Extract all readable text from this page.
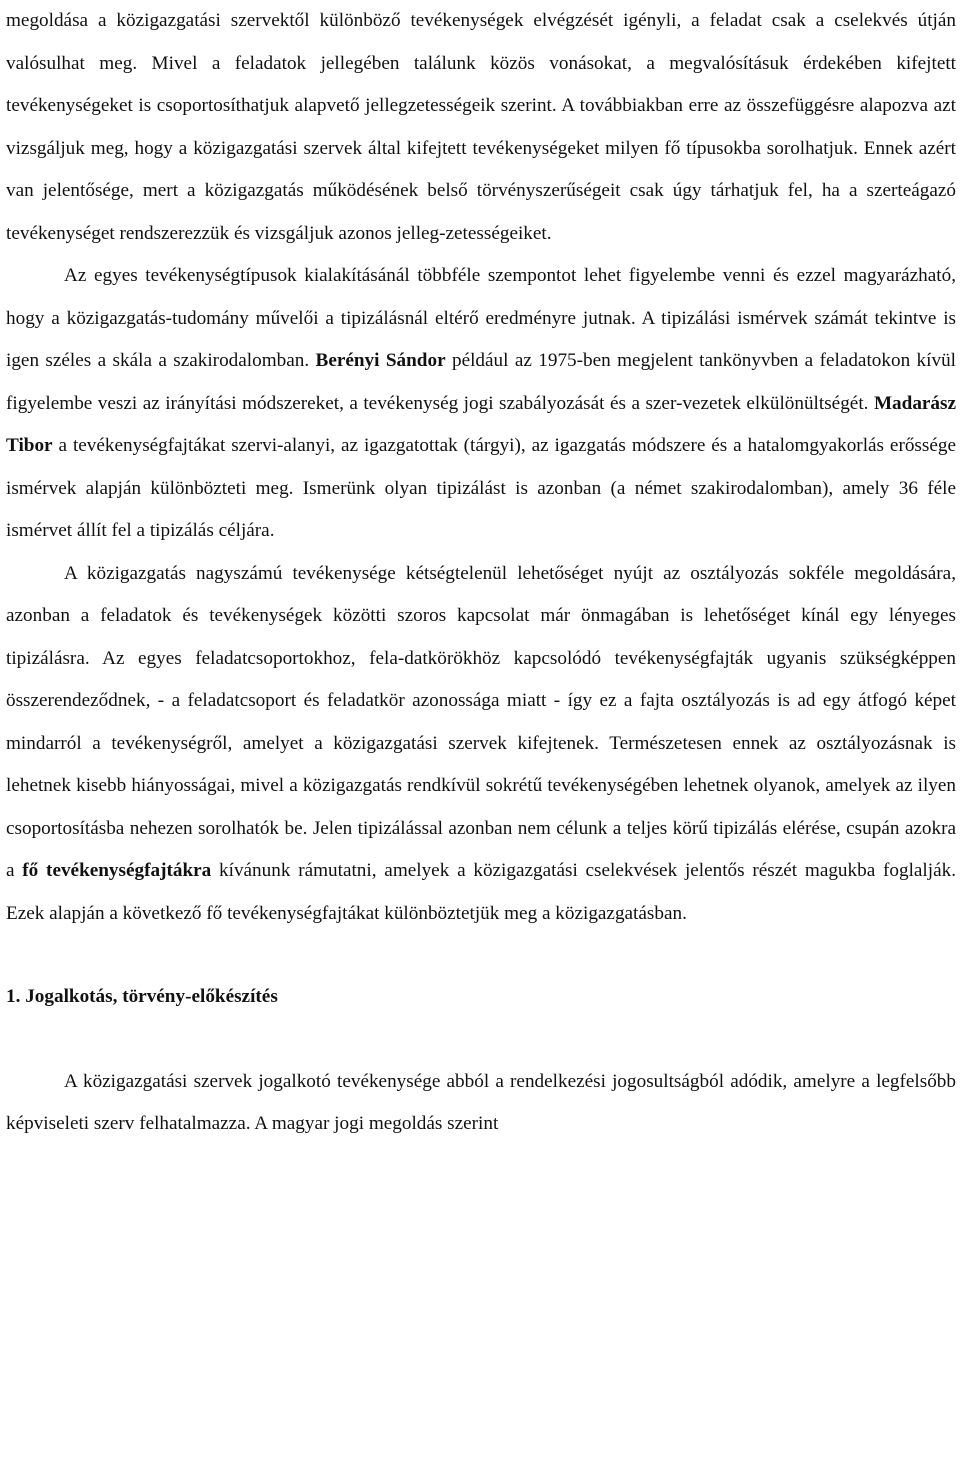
megoldása a közigazgatási szervektől különböző tevékenységek elvégzését igényli, a feladat csak a cselekvés útján valósulhat meg. Mivel a feladatok jellegében találunk közös vonásokat, a megvalósításuk érdekében kifejtett tevékenységeket is csoportosíthatjuk alapvető jellegzetességeik szerint. A továbbiakban erre az összefüggésre alapozva azt vizsgáljuk meg, hogy a közigazgatási szervek által kifejtett tevékenységeket milyen fő típusokba sorolhatjuk. Ennek azért van jelentősége, mert a közigazgatás működésének belső törvényszerűségeit csak úgy tárhatjuk fel, ha a szerteágazó tevékenységet rendszerezzük és vizsgáljuk azonos jelleg-zetességeiket.

Az egyes tevékenységtípusok kialakításánál többféle szempontot lehet figyelembe venni és ezzel magyarázható, hogy a közigazgatás-tudomány művelői a tipizálásnál eltérő eredményre jutnak. A tipizálási ismérvek számát tekintve is igen széles a skála a szakirodalomban. Berényi Sándor például az 1975-ben megjelent tankönyvben a feladatokon kívül figyelembe veszi az irányítási módszereket, a tevékenység jogi szabályozását és a szer-vezetek elkülönültségét. Madarász Tibor a tevékenységfajtákat szervi-alanyi, az igazgatottak (tárgyi), az igazgatás módszere és a hatalomgyakorlás erőssége ismérvek alapján különbözteti meg. Ismerünk olyan tipizálást is azonban (a német szakirodalomban), amely 36 féle ismérvet állít fel a tipizálás céljára.

A közigazgatás nagyszámú tevékenysége kétségtelenül lehetőséget nyújt az osztályozás sokféle megoldására, azonban a feladatok és tevékenységek közötti szoros kapcsolat már önmagában is lehetőséget kínál egy lényeges tipizálásra. Az egyes feladatcsoportokhoz, fela-datkörökhöz kapcsolódó tevékenységfajták ugyanis szükségképpen összerendeződnek, - a feladatcsoport és feladatkör azonossága miatt - így ez a fajta osztályozás is ad egy átfogó képet mindarról a tevékenységről, amelyet a közigazgatási szervek kifejtenek. Természetesen ennek az osztályozásnak is lehetnek kisebb hiányosságai, mivel a közigazgatás rendkívül sokrétű tevékenységében lehetnek olyanok, amelyek az ilyen csoportosításba nehezen sorolhatók be. Jelen tipizálással azonban nem célunk a teljes körű tipizálás elérése, csupán azokra a fő tevékenységfajtákra kívánunk rámutatni, amelyek a közigazgatási cselekvések jelentős részét magukba foglalják. Ezek alapján a következő fő tevékenységfajtákat különböztetjük meg a közigazgatásban.

1. Jogalkotás, törvény-előkészítés

A közigazgatási szervek jogalkotó tevékenysége abból a rendelkezési jogosultságból adódik, amelyre a legfelsőbb képviseleti szerv felhatalmazza. A magyar jogi megoldás szerint
